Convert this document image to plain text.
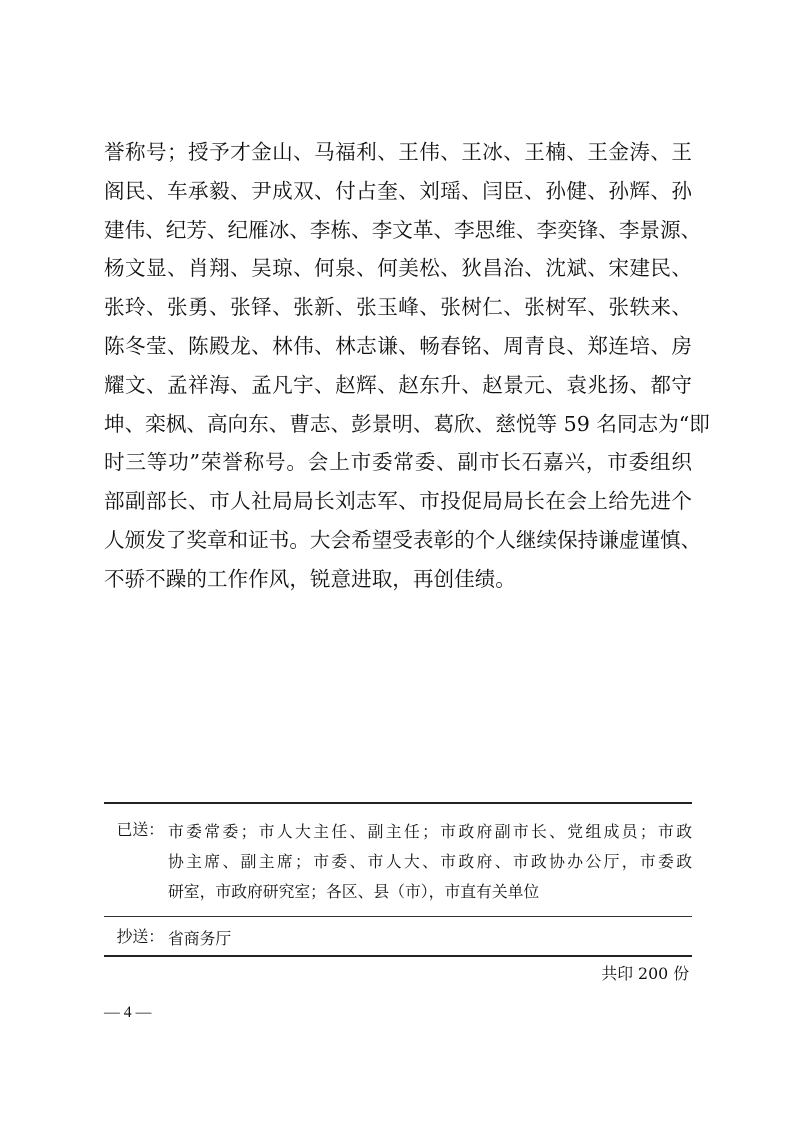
誉称号；授予才金山、马福利、王伟、王冰、王楠、王金涛、王
阁民、车承毅、尹成双、付占奎、刘瑶、闫臣、孙健、孙辉、孙
建伟、纪芳、纪雁冰、李栋、李文革、李思维、李奕锋、李景源、
杨文显、肖翔、吴琼、何泉、何美松、狄昌治、沈斌、宋建民、
张玲、张勇、张铎、张新、张玉峰、张树仁、张树军、张轶来、
陈冬莹、陈殿龙、林伟、林志谦、畅春铭、周青良、郑连培、房
耀文、孟祥海、孟凡宇、赵辉、赵东升、赵景元、袁兆扬、都守
坤、栾枫、高向东、曹志、彭景明、葛欣、慈悦等 59 名同志为“即
时三等功”荣誉称号。会上市委常委、副市长石嘉兴，市委组织
部副部长、市人社局局长刘志军、市投促局局长在会上给先进个
人颁发了奖章和证书。大会希望受表彰的个人继续保持谦虚谨慎、
不骄不躁的工作作风，锐意进取，再创佳绩。
已送： 市委常委；市人大主任、副主任；市政府副市长、党组成员；市政
协主席、副主席；市委、市人大、市政府、市政协办公厅，市委政
研室，市政府研究室；各区、县（市），市直有关单位
抄送： 省商务厅
共印 200 份
— 4 —
